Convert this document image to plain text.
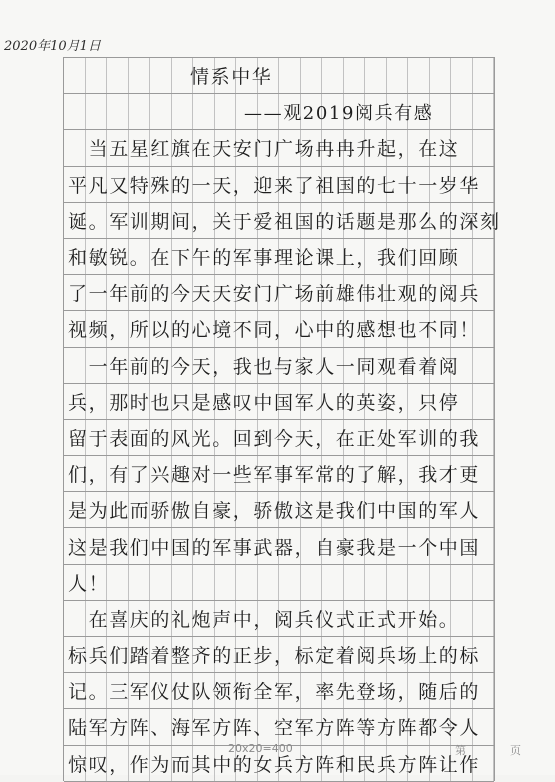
2020年10月1日
情系中华
——观2019阅兵有感
　当五星红旗在天安门广场冉冉升起，在这
平凡又特殊的一天，迎来了祖国的七十一岁华
诞。军训期间，关于爱祖国的话题是那么的深刻
和敏锐。在下午的军事理论课上，我们回顾
了一年前的今天天安门广场前雄伟壮观的阅兵
视频，所以的心境不同，心中的感想也不同！
　一年前的今天，我也与家人一同观看着阅
兵，那时也只是感叹中国军人的英姿，只停
留于表面的风光。回到今天，在正处军训的我
们，有了兴趣对一些军事军常的了解，我才更
是为此而骄傲自豪，骄傲这是我们中国的军人
这是我们中国的军事武器，自豪我是一个中国
人！
　在喜庆的礼炮声中，阅兵仪式正式开始。
标兵们踏着整齐的正步，标定着阅兵场上的标
记。三军仪仗队领衔全军，率先登场，随后的
陆军方阵、海军方阵、空军方阵等方阵都令人
惊叹，作为而其中的女兵方阵和民兵方阵让作
20x20=400	第	页
